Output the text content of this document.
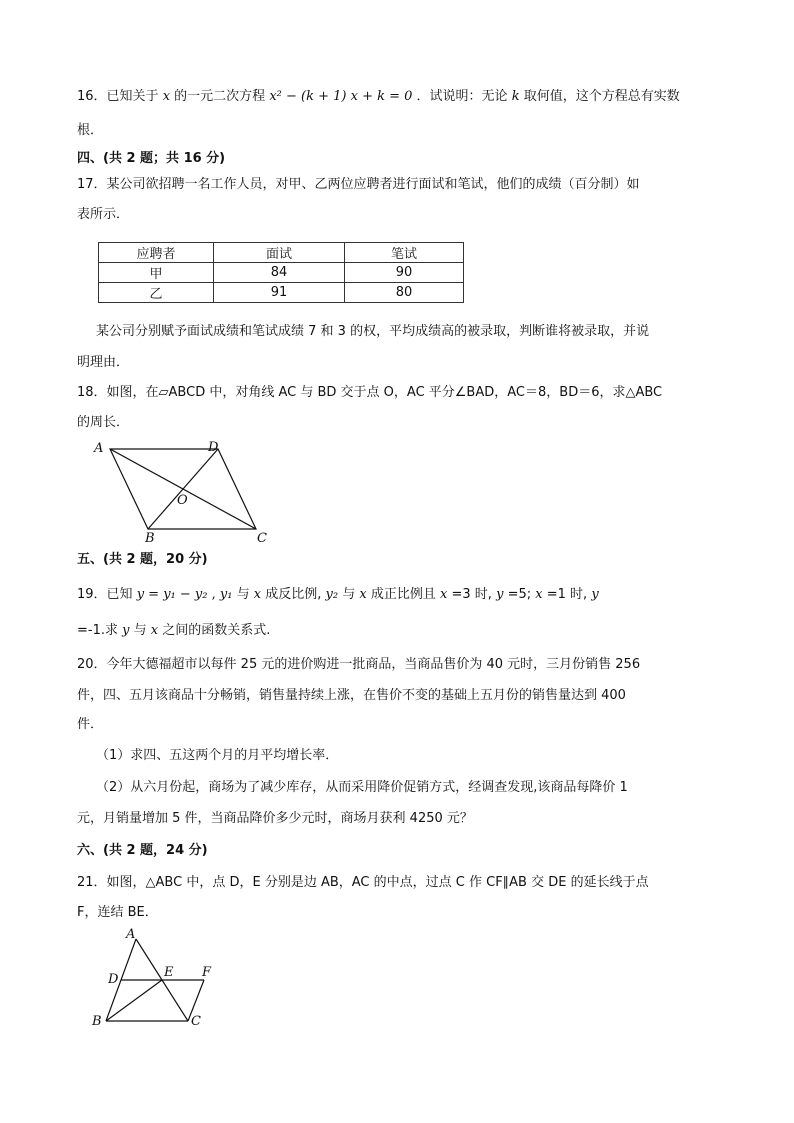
16．已知关于 x 的一元二次方程 x² − (k + 1) x + k = 0 ．试说明：无论 k 取何值，这个方程总有实数
根．
四、(共 2 题；共 16 分)
17．某公司欲招聘一名工作人员，对甲、乙两位应聘者进行面试和笔试，他们的成绩（百分制）如
表所示．
应聘者	面试	笔试
甲	84	90
乙	91	80
某公司分别赋予面试成绩和笔试成绩 7 和 3 的权，平均成绩高的被录取，判断谁将被录取，并说
明理由．
18．如图，在▱ABCD 中，对角线 AC 与 BD 交于点 O，AC 平分∠BAD，AC＝8，BD＝6，求△ABC
的周长．
A	D
O
B	C
五、(共 2 题，20 分)
19．已知 y = y₁ − y₂ , y₁ 与 x 成反比例, y₂ 与 x 成正比例且 x =3 时, y =5; x =1 时, y
=-1.求 y 与 x 之间的函数关系式.
20．今年大德福超市以每件 25 元的进价购进一批商品，当商品售价为 40 元时，三月份销售 256
件，四、五月该商品十分畅销，销售量持续上涨，在售价不变的基础上五月份的销售量达到 400
件．
（1）求四、五这两个月的月平均增长率．
（2）从六月份起，商场为了减少库存，从而采用降价促销方式，经调查发现,该商品每降价 1
元，月销量增加 5 件，当商品降价多少元时，商场月获利 4250 元？
六、(共 2 题，24 分)
21．如图，△ABC 中，点 D，E 分别是边 AB，AC 的中点，过点 C 作 CF∥AB 交 DE 的延长线于点
F，连结 BE．
A
D	E F
B	C
